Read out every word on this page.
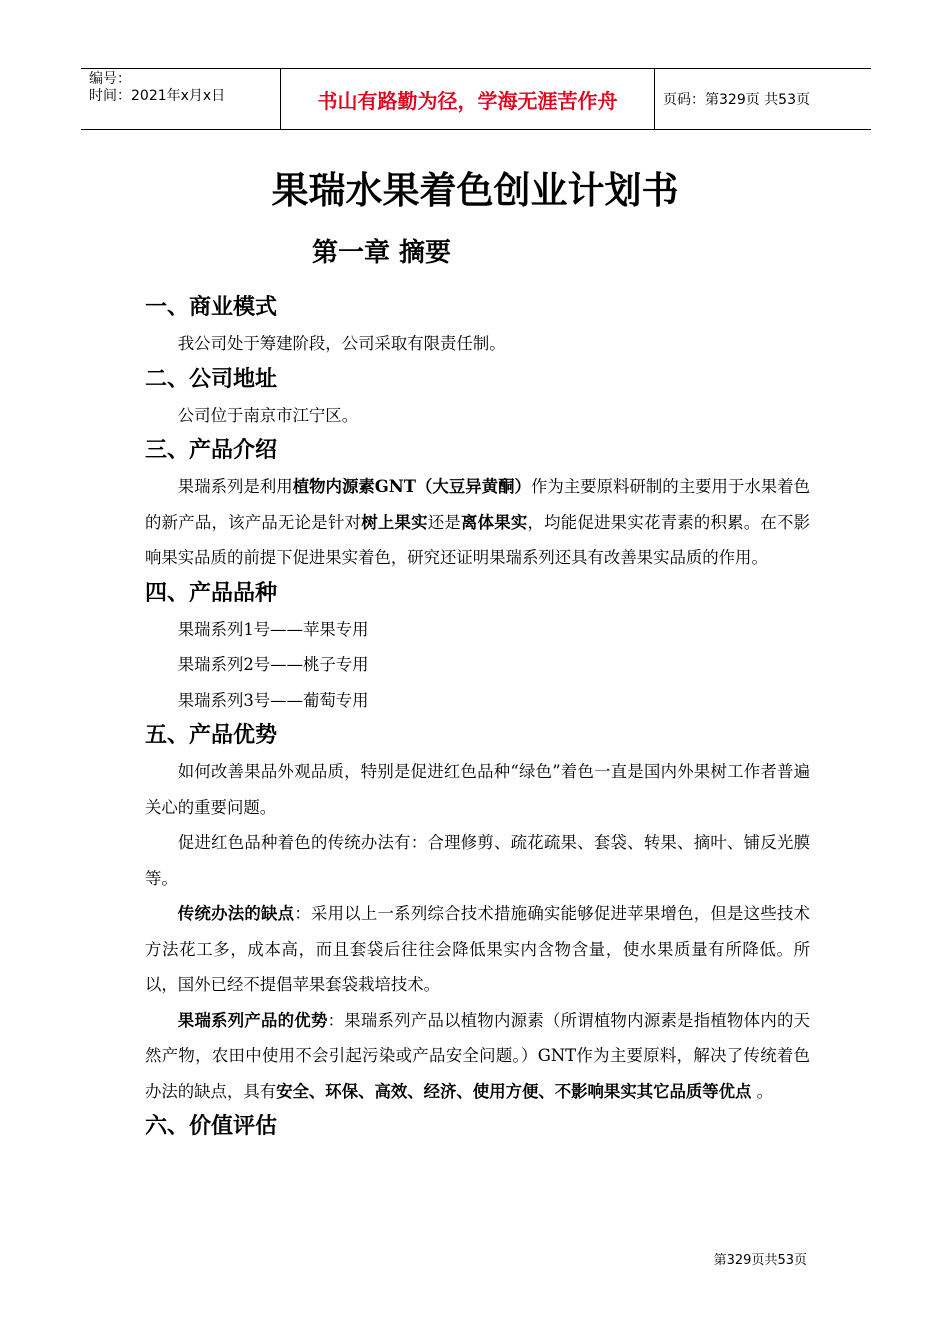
编号：
时间：2021年x月x日	书山有路勤为径，学海无涯苦作舟	页码：第329页 共53页
果瑞水果着色创业计划书
第一章 摘要
一、商业模式

我公司处于筹建阶段，公司采取有限责任制。

二、公司地址

公司位于南京市江宁区。

三、产品介绍

果瑞系列是利用植物内源素GNT（大豆异黄酮）作为主要原料研制的主要用于水果着色的新产品，该产品无论是针对树上果实还是离体果实，均能促进果实花青素的积累。在不影响果实品质的前提下促进果实着色，研究还证明果瑞系列还具有改善果实品质的作用。

四、产品品种

果瑞系列1号——苹果专用

果瑞系列2号——桃子专用

果瑞系列3号——葡萄专用

五、产品优势

如何改善果品外观品质，特别是促进红色品种“绿色”着色一直是国内外果树工作者普遍关心的重要问题。

促进红色品种着色的传统办法有：合理修剪、疏花疏果、套袋、转果、摘叶、铺反光膜等。

传统办法的缺点：采用以上一系列综合技术措施确实能够促进苹果增色，但是这些技术方法花工多，成本高，而且套袋后往往会降低果实内含物含量，使水果质量有所降低。所以，国外已经不提倡苹果套袋栽培技术。

果瑞系列产品的优势：果瑞系列产品以植物内源素（所谓植物内源素是指植物体内的天然产物，农田中使用不会引起污染或产品安全问题。）GNT作为主要原料，解决了传统着色办法的缺点，具有安全、环保、高效、经济、使用方便、不影响果实其它品质等优点 。

六、价值评估
第329页共53页
